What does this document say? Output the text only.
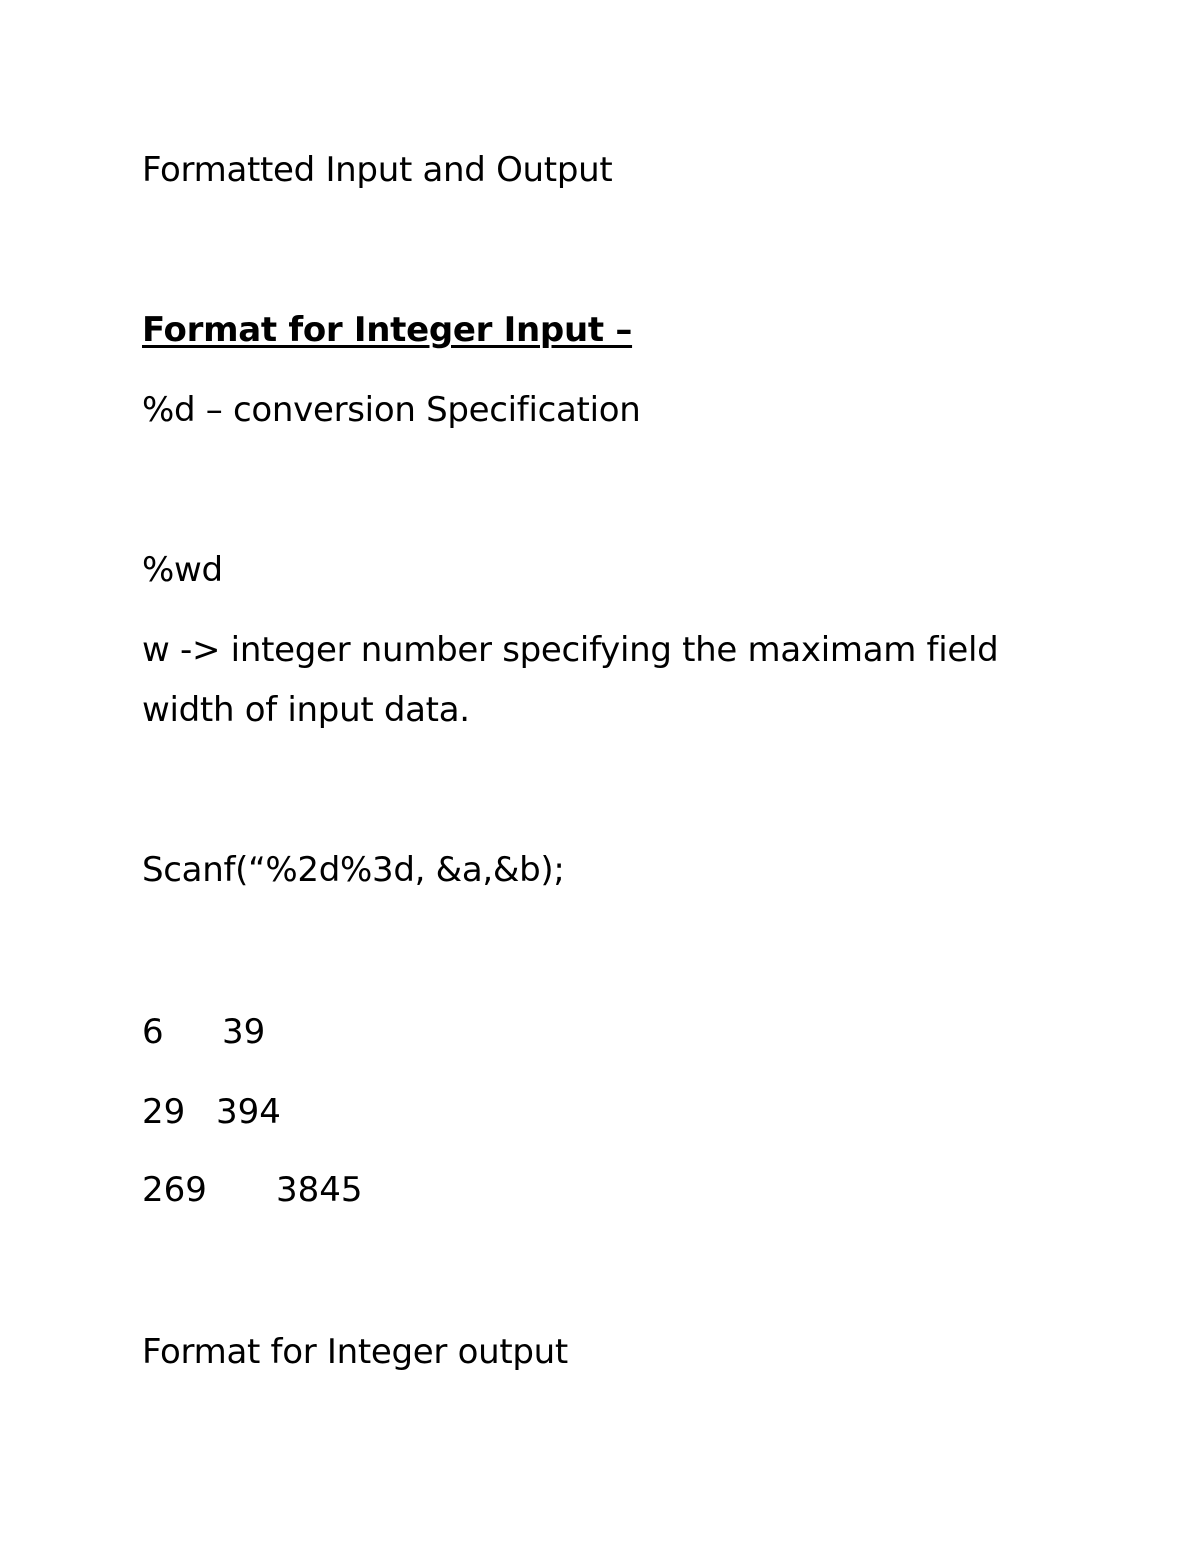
Formatted Input and Output
Format for Integer Input –
%d – conversion Specification
%wd
w -> integer number specifying the maximam field
width of input data.
Scanf(“%2d%3d, &a,&b);
6 39
29 394
269 3845
Format for Integer output
